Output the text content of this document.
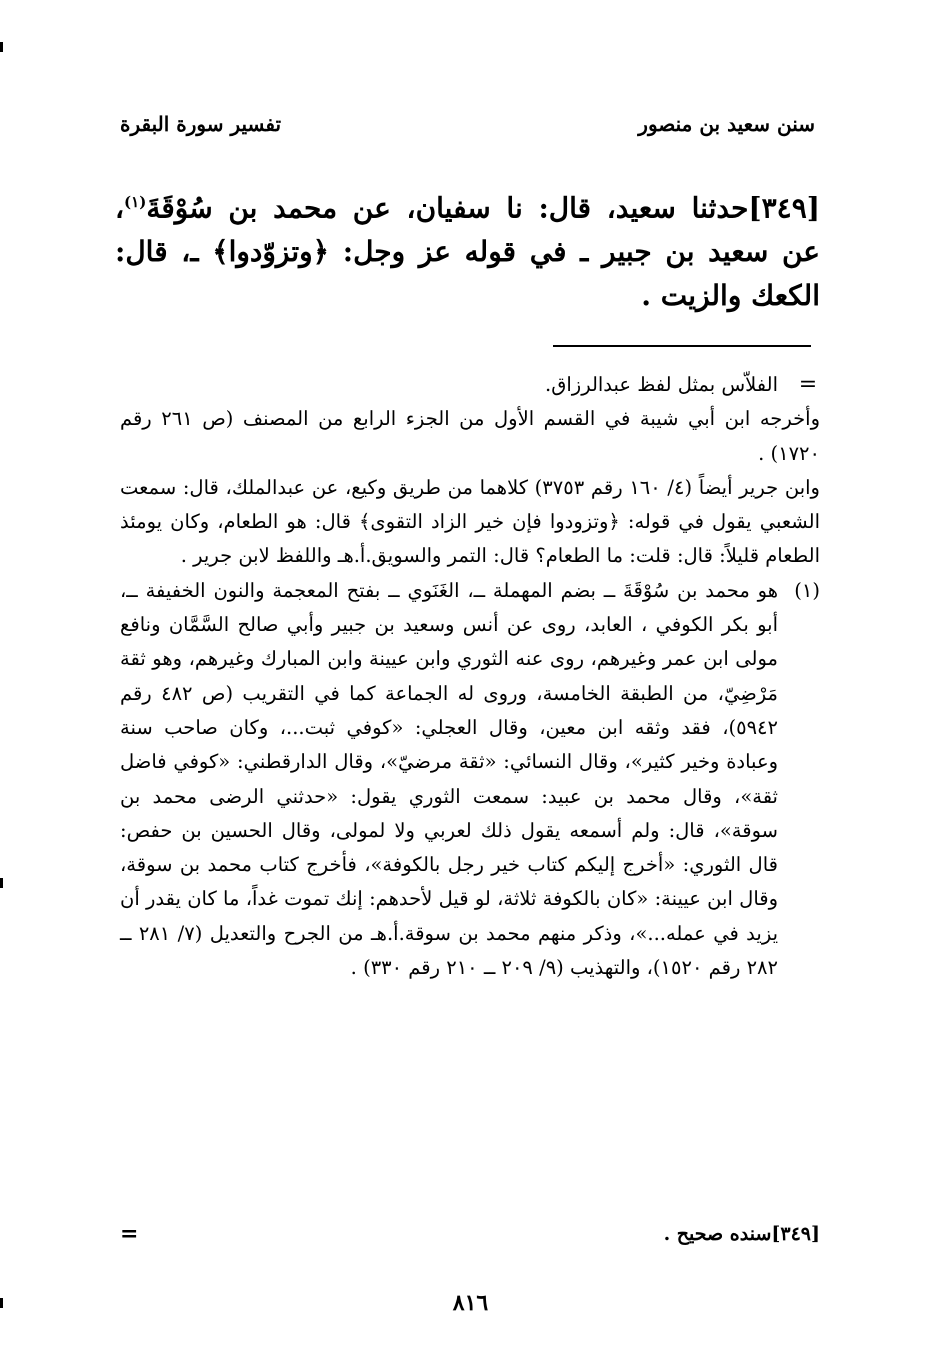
سنن سعيد بن منصور
تفسير سورة البقرة
[٣٤٩]حدثنا سعيد، قال: نا سفيان، عن محمد بن سُوْقَةَ$^{(١)}$، عن سعيد بن جبير ـ في قوله عز وجل: ﴿وتزوّدوا﴾ ـ، قال: الكعك والزيت .
=
الفلاّس بمثل لفظ عبدالرزاق.
وأخرجه ابن أبي شيبة في القسم الأول من الجزء الرابع من المصنف (ص ٢٦١ رقم ١٧٢٠) .
وابن جرير أيضاً (٤/ ١٦٠ رقم ٣٧٥٣) كلاهما من طريق وكيع، عن عبدالملك، قال: سمعت الشعبي يقول في قوله: ﴿وتزودوا فإن خير الزاد التقوى﴾ قال: هو الطعام، وكان يومئذ الطعام قليلاً: قال: قلت: ما الطعام؟ قال: التمر والسويق.أ.هـ واللفظ لابن جرير .
(١)
هو محمد بن سُوْقَةَ ــ بضم المهملة ــ، الغَنَوي ــ بفتح المعجمة والنون الخفيفة ــ، أبو بكر الكوفي ، العابد، روى عن أنس وسعيد بن جبير وأبي صالح السَّمَّان ونافع مولى ابن عمر وغيرهم، روى عنه الثوري وابن عيينة وابن المبارك وغيرهم، وهو ثقة مَرْضِيّ، من الطبقة الخامسة، وروى له الجماعة كما في التقريب (ص ٤٨٢ رقم ٥٩٤٢)، فقد وثقه ابن معين، وقال العجلي: «كوفي ثبت...، وكان صاحب سنة وعبادة وخير كثير»، وقال النسائي: «ثقة مرضيّ»، وقال الدارقطني: «كوفي فاضل ثقة»، وقال محمد بن عبيد: سمعت الثوري يقول: «حدثني الرضى محمد بن سوقة»، قال: ولم أسمعه يقول ذلك لعربي ولا لمولى، وقال الحسين بن حفص: قال الثوري: «أخرج إليكم كتاب خير رجل بالكوفة»، فأخرج كتاب محمد بن سوقة، وقال ابن عيينة: «كان بالكوفة ثلاثة، لو قيل لأحدهم: إنك تموت غداً، ما كان يقدر أن يزيد في عمله...»، وذكر منهم محمد بن سوقة.أ.هـ من الجرح والتعديل (٧/ ٢٨١ ــ ٢٨٢ رقم ١٥٢٠)، والتهذيب (٩/ ٢٠٩ ــ ٢١٠ رقم ٣٣٠) .
[٣٤٩]سنده صحيح .
=
٨١٦
